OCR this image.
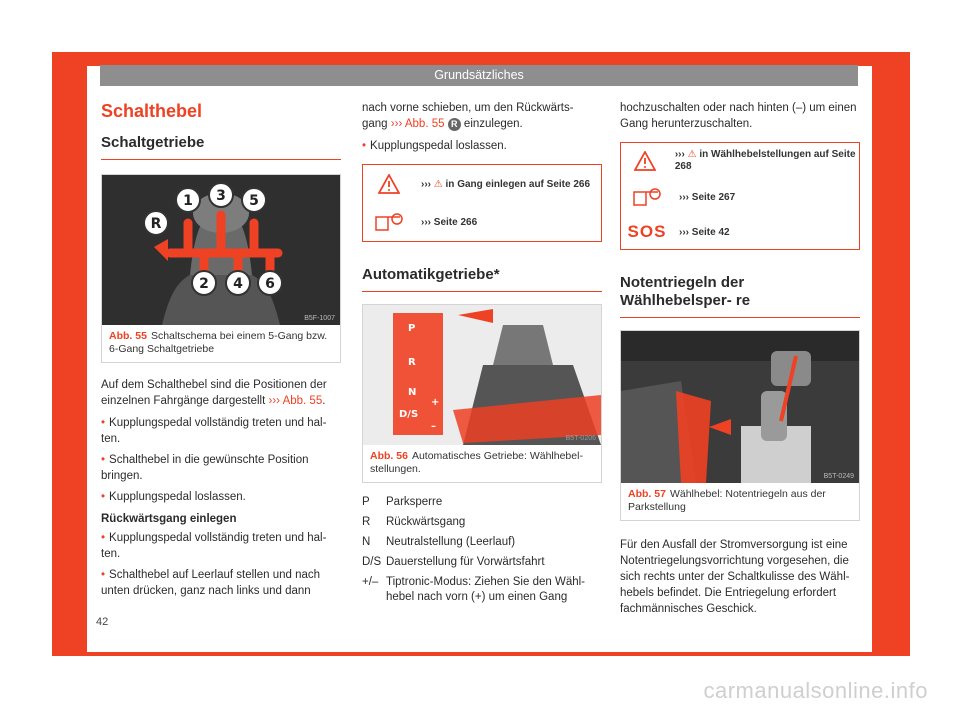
Grundsätzliches
Schalthebel
Schaltgetriebe
1 3 5
R
2 4 6
B5F-1007
Abb. 55 Schaltschema bei einem 5-Gang bzw. 6-Gang Schaltgetriebe

Auf dem Schalthebel sind die Positionen der einzelnen Fahrgänge dargestellt ››› Abb. 55.

• Kupplungspedal vollständig treten und hal- ten.
• Schalthebel in die gewünschte Position bringen.
• Kupplungspedal loslassen.
Rückwärtsgang einlegen
• Kupplungspedal vollständig treten und hal- ten.
• Schalthebel auf Leerlauf stellen und nach unten drücken, ganz nach links und dann

nach vorne schieben, um den Rückwärts- gang ››› Abb. 55 R einzulegen.

• Kupplungspedal loslassen.
››› ⚠ in Gang einlegen auf Seite 266
››› Seite 266
Automatikgetriebe*
P
R
N
D/S
+
–
B5T-0206
Abb. 56 Automatisches Getriebe: Wählhebel- stellungen.
P	Parksperre
R	Rückwärtsgang
N	Neutralstellung (Leerlauf)
D/S Dauerstellung für Vorwärtsfahrt
+/– Tiptronic-Modus: Ziehen Sie den Wähl- hebel nach vorn (+) um einen Gang

hochzuschalten oder nach hinten (–) um einen Gang herunterzuschalten.

››› ⚠ in Wählhebelstellungen auf Seite 268
››› Seite 267
SOS	››› Seite 42
Notentriegeln der Wählhebelsper- re
B5T-0249
Abb. 57 Wählhebel: Notentriegeln aus der Parkstellung

Für den Ausfall der Stromversorgung ist eine Notentriegelungsvorrichtung vorgesehen, die sich rechts unter der Schaltkulisse des Wähl- hebels befindet. Die Entriegelung erfordert fachmännisches Geschick.

42
carmanualsonline.info
